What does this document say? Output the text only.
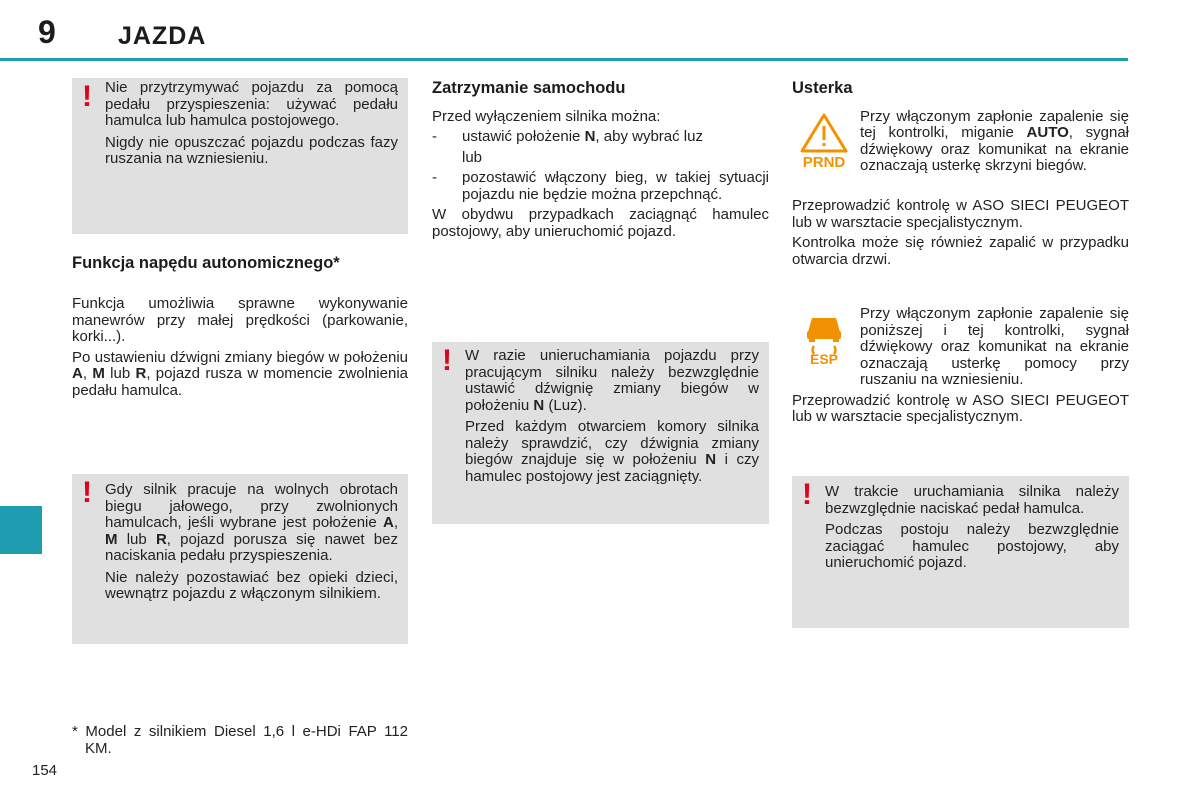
9 JAZDA
! Nie przytrzymywać pojazdu za pomocą pedału przyspieszenia: używać pedału hamulca lub hamulca postojowego.

Nigdy nie opuszczać pojazdu podczas fazy ruszania na wzniesieniu.

Funkcja napędu autonomicznego*

Funkcja umożliwia sprawne wykonywanie manewrów przy małej prędkości (parkowanie, korki...).

Po ustawieniu dźwigni zmiany biegów w położeniu A, M lub R, pojazd rusza w momencie zwolnienia pedału hamulca.

! Gdy silnik pracuje na wolnych obrotach biegu jałowego, przy zwolnionych hamulcach, jeśli wybrane jest położenie A, M lub R, pojazd porusza się nawet bez naciskania pedału przyspieszenia.

Nie należy pozostawiać bez opieki dzieci, wewnątrz pojazdu z włączonym silnikiem.

* Model z silnikiem Diesel 1,6 l e-HDi FAP 112 KM.
Zatrzymanie samochodu

Przed wyłączeniem silnika można:

- ustawić położenie N, aby wybrać luz
lub
- pozostawić włączony bieg, w takiej sytuacji pojazdu nie będzie można przepchnąć.

W obydwu przypadkach zaciągnąć hamulec postojowy, aby unieruchomić pojazd.

! W razie unieruchamiania pojazdu przy pracującym silniku należy bezwzględnie ustawić dźwignię zmiany biegów w położeniu N (Luz).

Przed każdym otwarciem komory silnika należy sprawdzić, czy dźwignia zmiany biegów znajduje się w położeniu N i czy hamulec postojowy jest zaciągnięty.

Usterka
PRND

Przy włączonym zapłonie zapalenie się tej kontrolki, miganie AUTO, sygnał dźwiękowy oraz komunikat na ekranie oznaczają usterkę skrzyni biegów.

Przeprowadzić kontrolę w ASO SIECI PEUGEOT lub w warsztacie specjalistycznym.

Kontrolka może się również zapalić w przypadku otwarcia drzwi.

ESP

Przy włączonym zapłonie zapalenie się poniższej i tej kontrolki, sygnał dźwiękowy oraz komunikat na ekranie oznaczają usterkę pomocy przy ruszaniu na wzniesieniu.

Przeprowadzić kontrolę w ASO SIECI PEUGEOT lub w warsztacie specjalistycznym.

! W trakcie uruchamiania silnika należy bezwzględnie naciskać pedał hamulca.

Podczas postoju należy bezwzględnie zaciągać hamulec postojowy, aby unieruchomić pojazd.

154
